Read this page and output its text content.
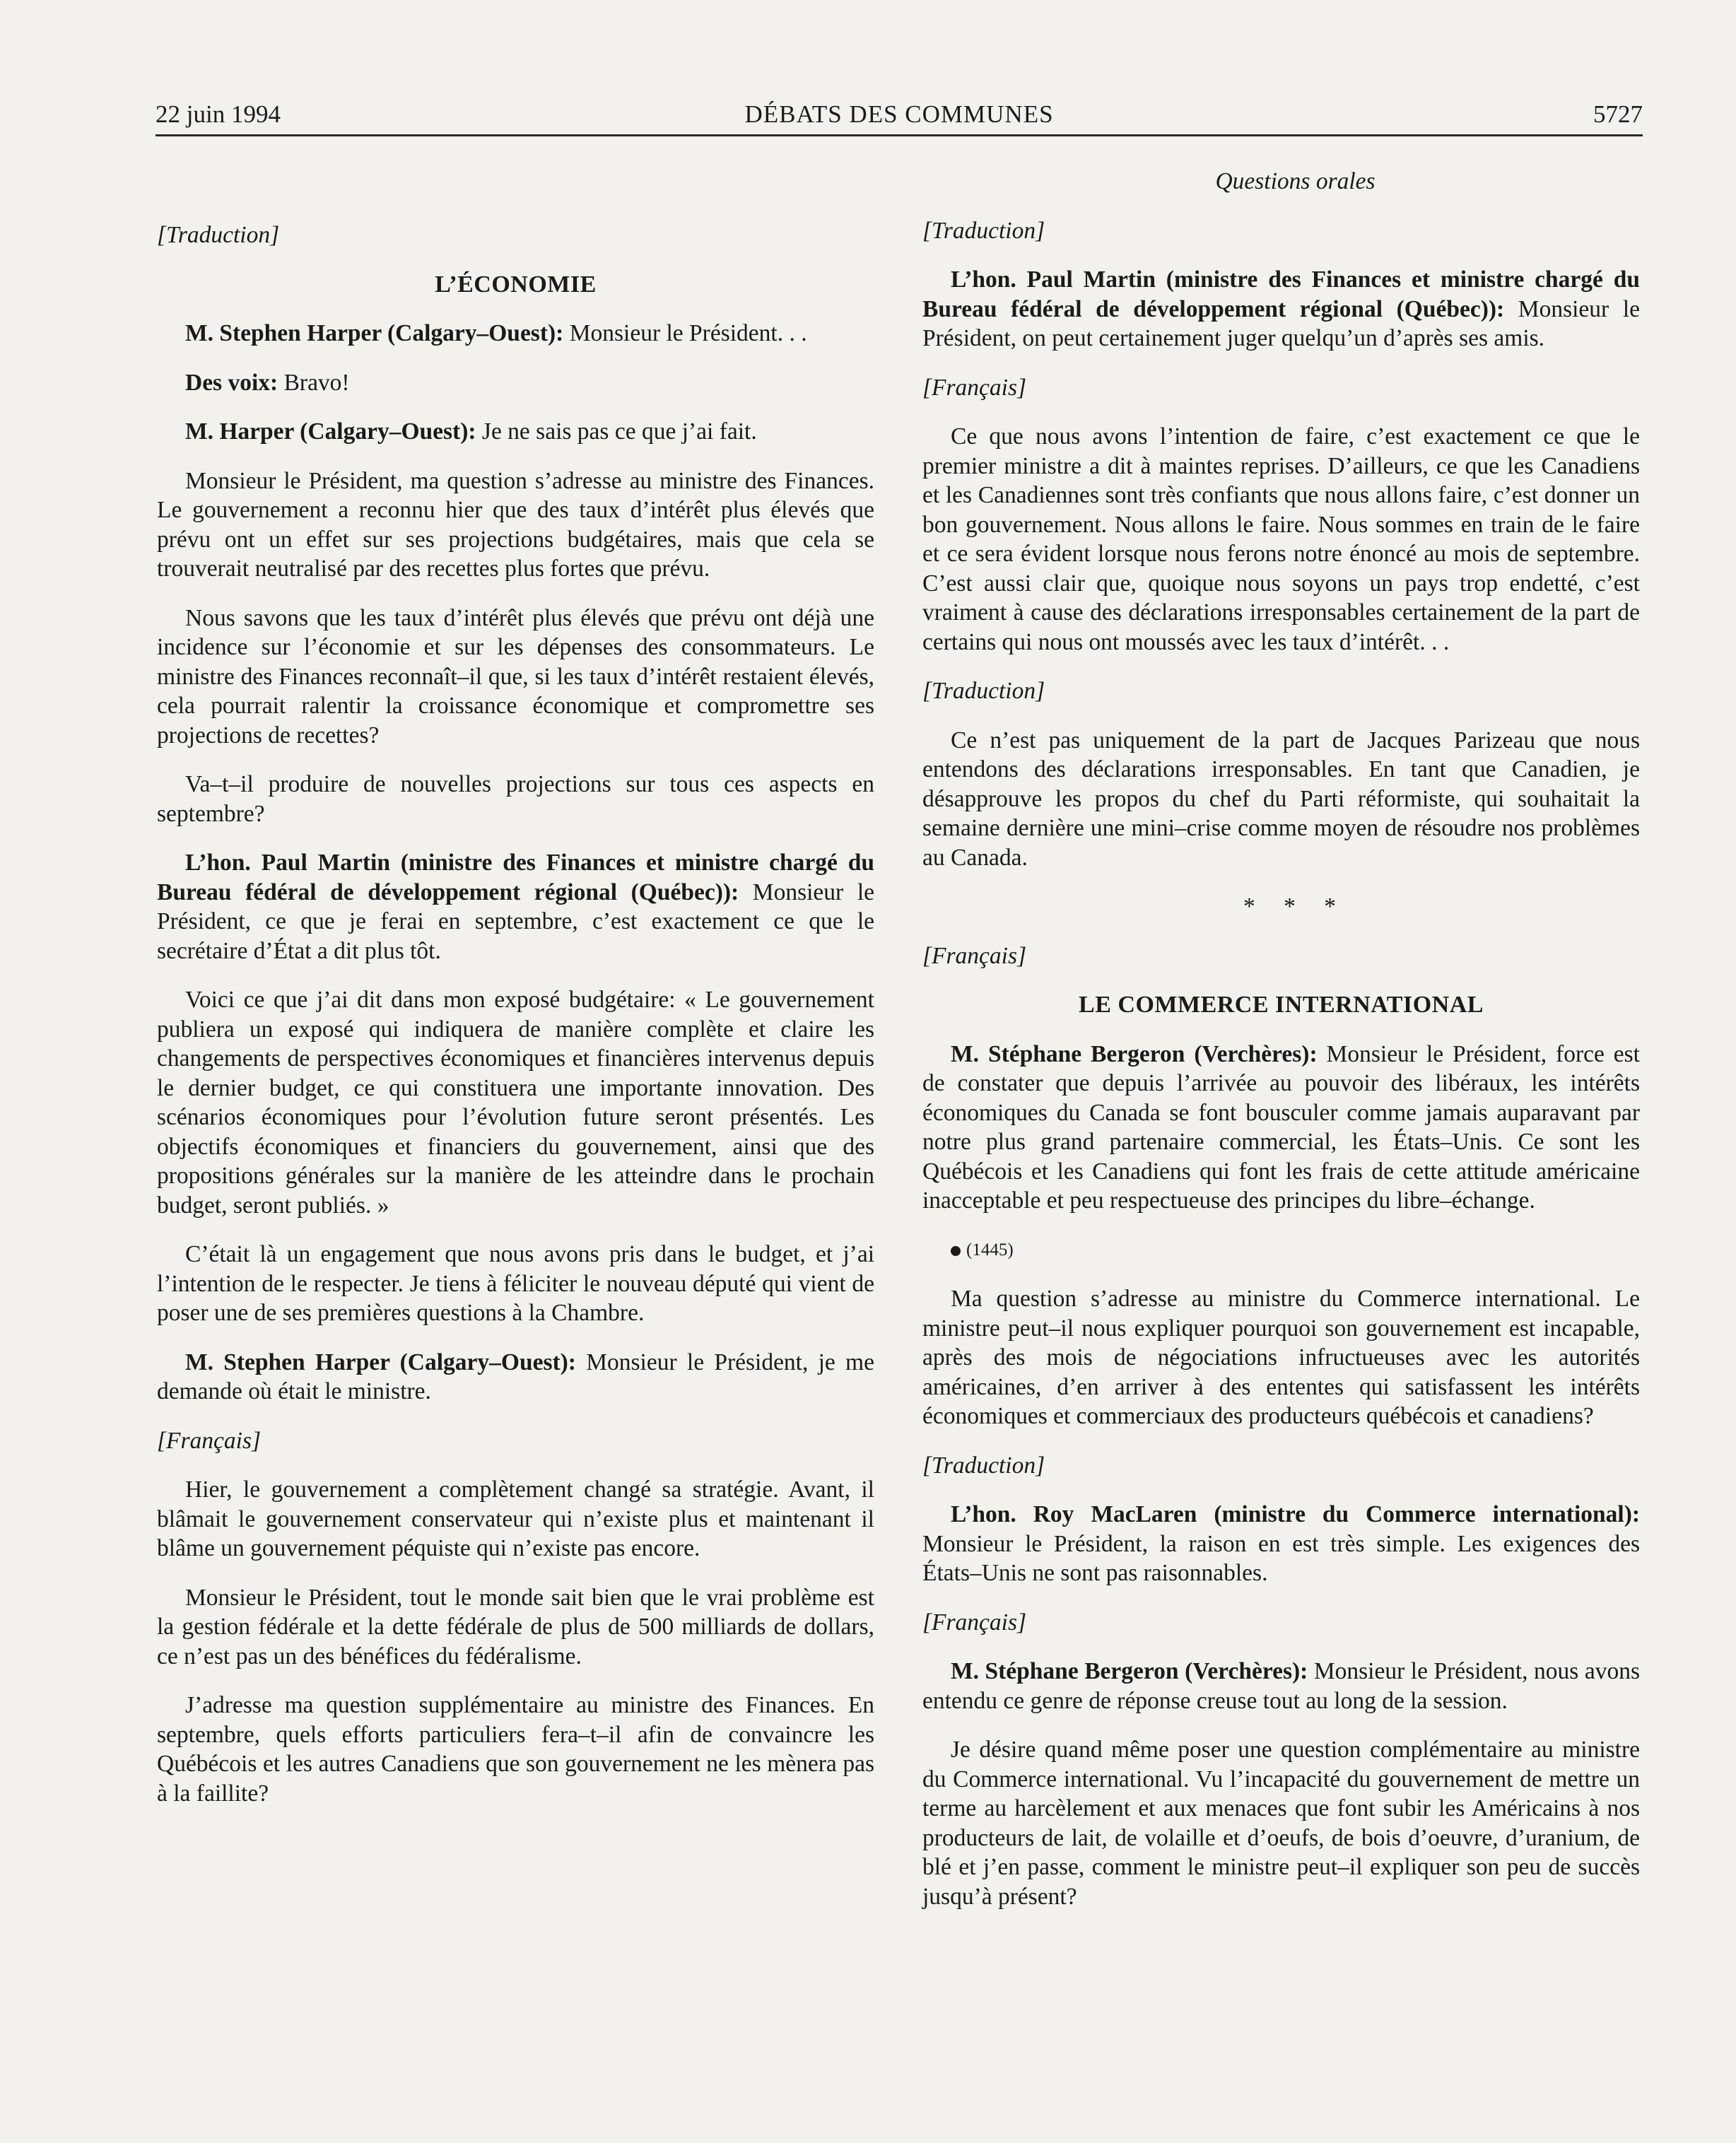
22 juin 1994	DÉBATS DES COMMUNES	5727

[Traduction]

L’ÉCONOMIE

M. Stephen Harper (Calgary–Ouest): Monsieur le Président. . .

Des voix: Bravo!

M. Harper (Calgary–Ouest): Je ne sais pas ce que j’ai fait.

Monsieur le Président, ma question s’adresse au ministre des Finances. Le gouvernement a reconnu hier que des taux d’intérêt plus élevés que prévu ont un effet sur ses projections budgétaires, mais que cela se trouverait neutralisé par des recettes plus fortes que prévu.

Nous savons que les taux d’intérêt plus élevés que prévu ont déjà une incidence sur l’économie et sur les dépenses des consommateurs. Le ministre des Finances reconnaît–il que, si les taux d’intérêt restaient élevés, cela pourrait ralentir la croissance économique et compromettre ses projections de recettes?

Va–t–il produire de nouvelles projections sur tous ces aspects en septembre?

L’hon. Paul Martin (ministre des Finances et ministre chargé du Bureau fédéral de développement régional (Québec)): Monsieur le Président, ce que je ferai en septembre, c’est exactement ce que le secrétaire d’État a dit plus tôt.

Voici ce que j’ai dit dans mon exposé budgétaire: « Le gouvernement publiera un exposé qui indiquera de manière complète et claire les changements de perspectives économiques et financières intervenus depuis le dernier budget, ce qui constituera une importante innovation. Des scénarios économiques pour l’évolution future seront présentés. Les objectifs économiques et financiers du gouvernement, ainsi que des propositions générales sur la manière de les atteindre dans le prochain budget, seront publiés. »

C’était là un engagement que nous avons pris dans le budget, et j’ai l’intention de le respecter. Je tiens à féliciter le nouveau député qui vient de poser une de ses premières questions à la Chambre.

M. Stephen Harper (Calgary–Ouest): Monsieur le Président, je me demande où était le ministre.

[Français]

Hier, le gouvernement a complètement changé sa stratégie. Avant, il blâmait le gouvernement conservateur qui n’existe plus et maintenant il blâme un gouvernement péquiste qui n’existe pas encore.

Monsieur le Président, tout le monde sait bien que le vrai problème est la gestion fédérale et la dette fédérale de plus de 500 milliards de dollars, ce n’est pas un des bénéfices du fédéralisme.

J’adresse ma question supplémentaire au ministre des Finances. En septembre, quels efforts particuliers fera–t–il afin de convaincre les Québécois et les autres Canadiens que son gouvernement ne les mènera pas à la faillite?

Questions orales

[Traduction]

L’hon. Paul Martin (ministre des Finances et ministre chargé du Bureau fédéral de développement régional (Québec)): Monsieur le Président, on peut certainement juger quelqu’un d’après ses amis.

[Français]

Ce que nous avons l’intention de faire, c’est exactement ce que le premier ministre a dit à maintes reprises. D’ailleurs, ce que les Canadiens et les Canadiennes sont très confiants que nous allons faire, c’est donner un bon gouvernement. Nous allons le faire. Nous sommes en train de le faire et ce sera évident lorsque nous ferons notre énoncé au mois de septembre. C’est aussi clair que, quoique nous soyons un pays trop endetté, c’est vraiment à cause des déclarations irresponsables certainement de la part de certains qui nous ont moussés avec les taux d’intérêt. . .

[Traduction]

Ce n’est pas uniquement de la part de Jacques Parizeau que nous entendons des déclarations irresponsables. En tant que Canadien, je désapprouve les propos du chef du Parti réformiste, qui souhaitait la semaine dernière une mini–crise comme moyen de résoudre nos problèmes au Canada.

* * *

[Français]

LE COMMERCE INTERNATIONAL

M. Stéphane Bergeron (Verchères): Monsieur le Président, force est de constater que depuis l’arrivée au pouvoir des libéraux, les intérêts économiques du Canada se font bousculer comme jamais auparavant par notre plus grand partenaire commercial, les États–Unis. Ce sont les Québécois et les Canadiens qui font les frais de cette attitude américaine inacceptable et peu respectueuse des principes du libre–échange.

(1445)

Ma question s’adresse au ministre du Commerce international. Le ministre peut–il nous expliquer pourquoi son gouvernement est incapable, après des mois de négociations infructueuses avec les autorités américaines, d’en arriver à des ententes qui satisfassent les intérêts économiques et commerciaux des producteurs québécois et canadiens?

[Traduction]

L’hon. Roy MacLaren (ministre du Commerce international): Monsieur le Président, la raison en est très simple. Les exigences des États–Unis ne sont pas raisonnables.

[Français]

M. Stéphane Bergeron (Verchères): Monsieur le Président, nous avons entendu ce genre de réponse creuse tout au long de la session.

Je désire quand même poser une question complémentaire au ministre du Commerce international. Vu l’incapacité du gouvernement de mettre un terme au harcèlement et aux menaces que font subir les Américains à nos producteurs de lait, de volaille et d’oeufs, de bois d’oeuvre, d’uranium, de blé et j’en passe, comment le ministre peut–il expliquer son peu de succès jusqu’à présent?
